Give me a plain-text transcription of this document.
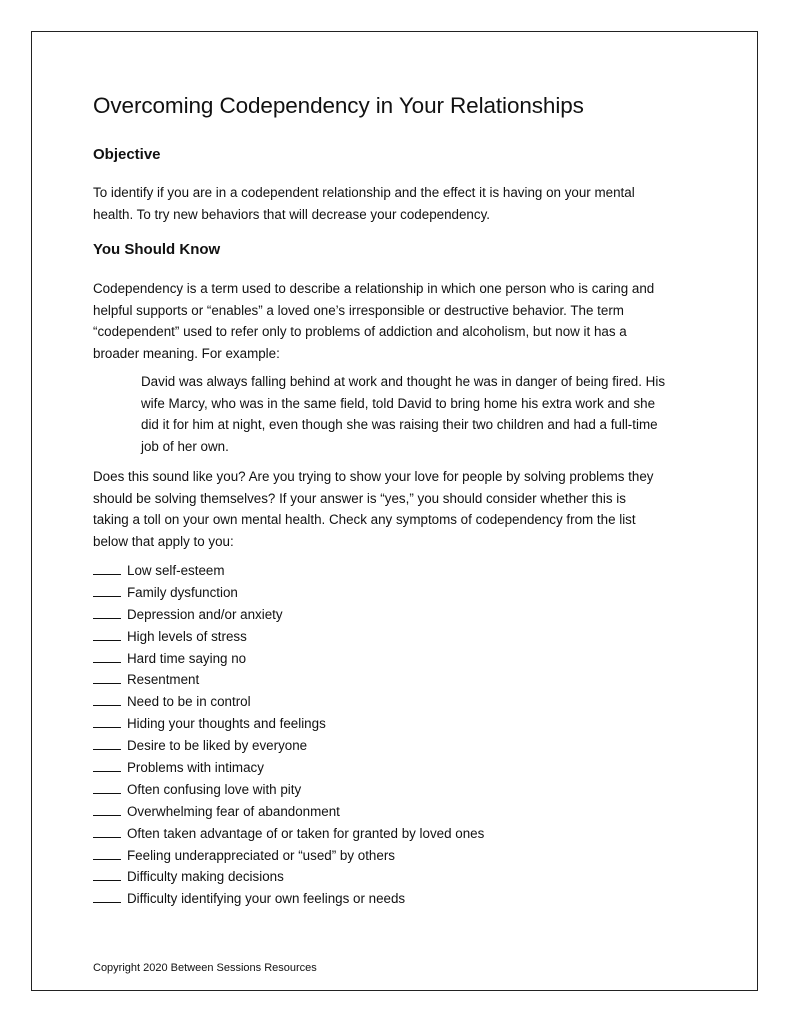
Overcoming Codependency in Your Relationships
Objective

To identify if you are in a codependent relationship and the effect it is having on your mental
health. To try new behaviors that will decrease your codependency.

You Should Know

Codependency is a term used to describe a relationship in which one person who is caring and
helpful supports or “enables” a loved one’s irresponsible or destructive behavior. The term
“codependent” used to refer only to problems of addiction and alcoholism, but now it has a
broader meaning. For example:

David was always falling behind at work and thought he was in danger of being fired. His
wife Marcy, who was in the same field, told David to bring home his extra work and she
did it for him at night, even though she was raising their two children and had a full-time
job of her own.

Does this sound like you? Are you trying to show your love for people by solving problems they
should be solving themselves? If your answer is “yes,” you should consider whether this is
taking a toll on your own mental health. Check any symptoms of codependency from the list
below that apply to you:

Low self-esteem
Family dysfunction
Depression and/or anxiety
High levels of stress
Hard time saying no
Resentment
Need to be in control
Hiding your thoughts and feelings
Desire to be liked by everyone
Problems with intimacy
Often confusing love with pity
Overwhelming fear of abandonment
Often taken advantage of or taken for granted by loved ones
Feeling underappreciated or “used” by others
Difficulty making decisions
Difficulty identifying your own feelings or needs

Copyright 2020 Between Sessions Resources
